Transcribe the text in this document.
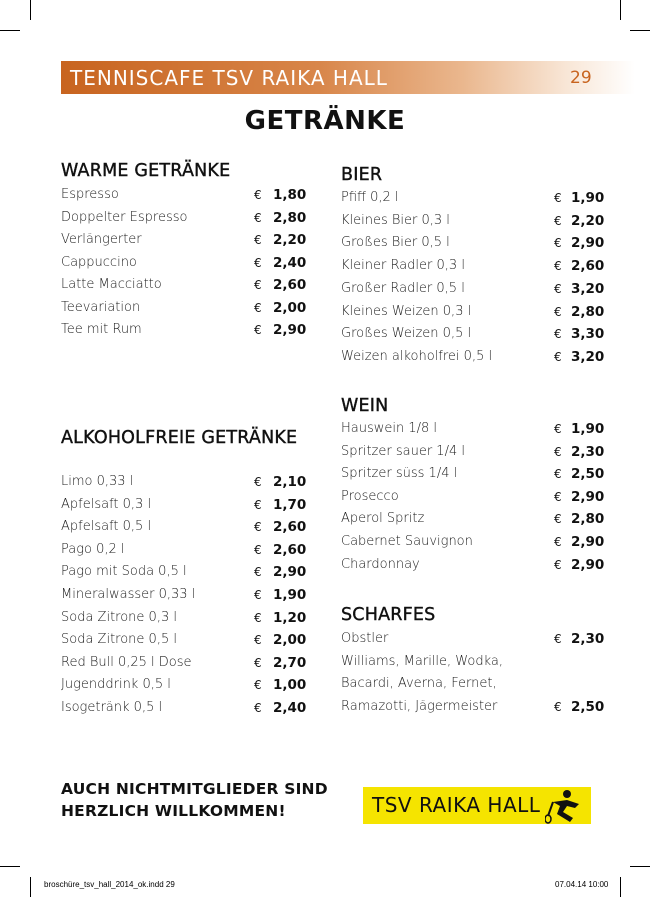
TENNISCAFE TSV RAIKA HALL	29
GETRÄNKE
WARME GETRÄNKE
ALKOHOLFREIE GETRÄNKE
BIER
WEIN
SCHARFES
Espresso	€ 1,80
Doppelter Espresso	€ 2,80
Verlängerter	€ 2,20
Cappuccino	€ 2,40
Latte Macciatto	€ 2,60
Teevariation	€ 2,00
Tee mit Rum	€ 2,90
Limo 0,33 l	€ 2,10
Apfelsaft 0,3 l	€ 1,70
Apfelsaft 0,5 l	€ 2,60
Pago 0,2 l	€ 2,60
Pago mit Soda 0,5 l	€ 2,90
Mineralwasser 0,33 l	€ 1,90
Soda Zitrone 0,3 l	€ 1,20
Soda Zitrone 0,5 l	€ 2,00
Red Bull 0,25 l Dose	€ 2,70
Jugenddrink 0,5 l	€ 1,00
Isogetränk 0,5 l	€ 2,40
Pfiff 0,2 l	€ 1,90
Kleines Bier 0,3 l	€ 2,20
Großes Bier 0,5 l	€ 2,90
Kleiner Radler 0,3 l	€ 2,60
Großer Radler 0,5 l	€ 3,20
Kleines Weizen 0,3 l	€ 2,80
Großes Weizen 0,5 l	€ 3,30
Weizen alkoholfrei 0,5 l	€ 3,20
Hauswein 1/8 l	€ 1,90
Spritzer sauer 1/4 l	€ 2,30
Spritzer süss 1/4 l	€ 2,50
Prosecco	€ 2,90
Aperol Spritz	€ 2,80
Cabernet Sauvignon	€ 2,90
Chardonnay	€ 2,90
Obstler	€ 2,30
Williams, Marille, Wodka,
Bacardi, Averna, Fernet,
Ramazotti, Jägermeister	€ 2,50
AUCH NICHTMITGLIEDER SIND
HERZLICH WILLKOMMEN!	TSV RAIKA HALL
broschüre_tsv_hall_2014_ok.indd 29	07.04.14 10:00
